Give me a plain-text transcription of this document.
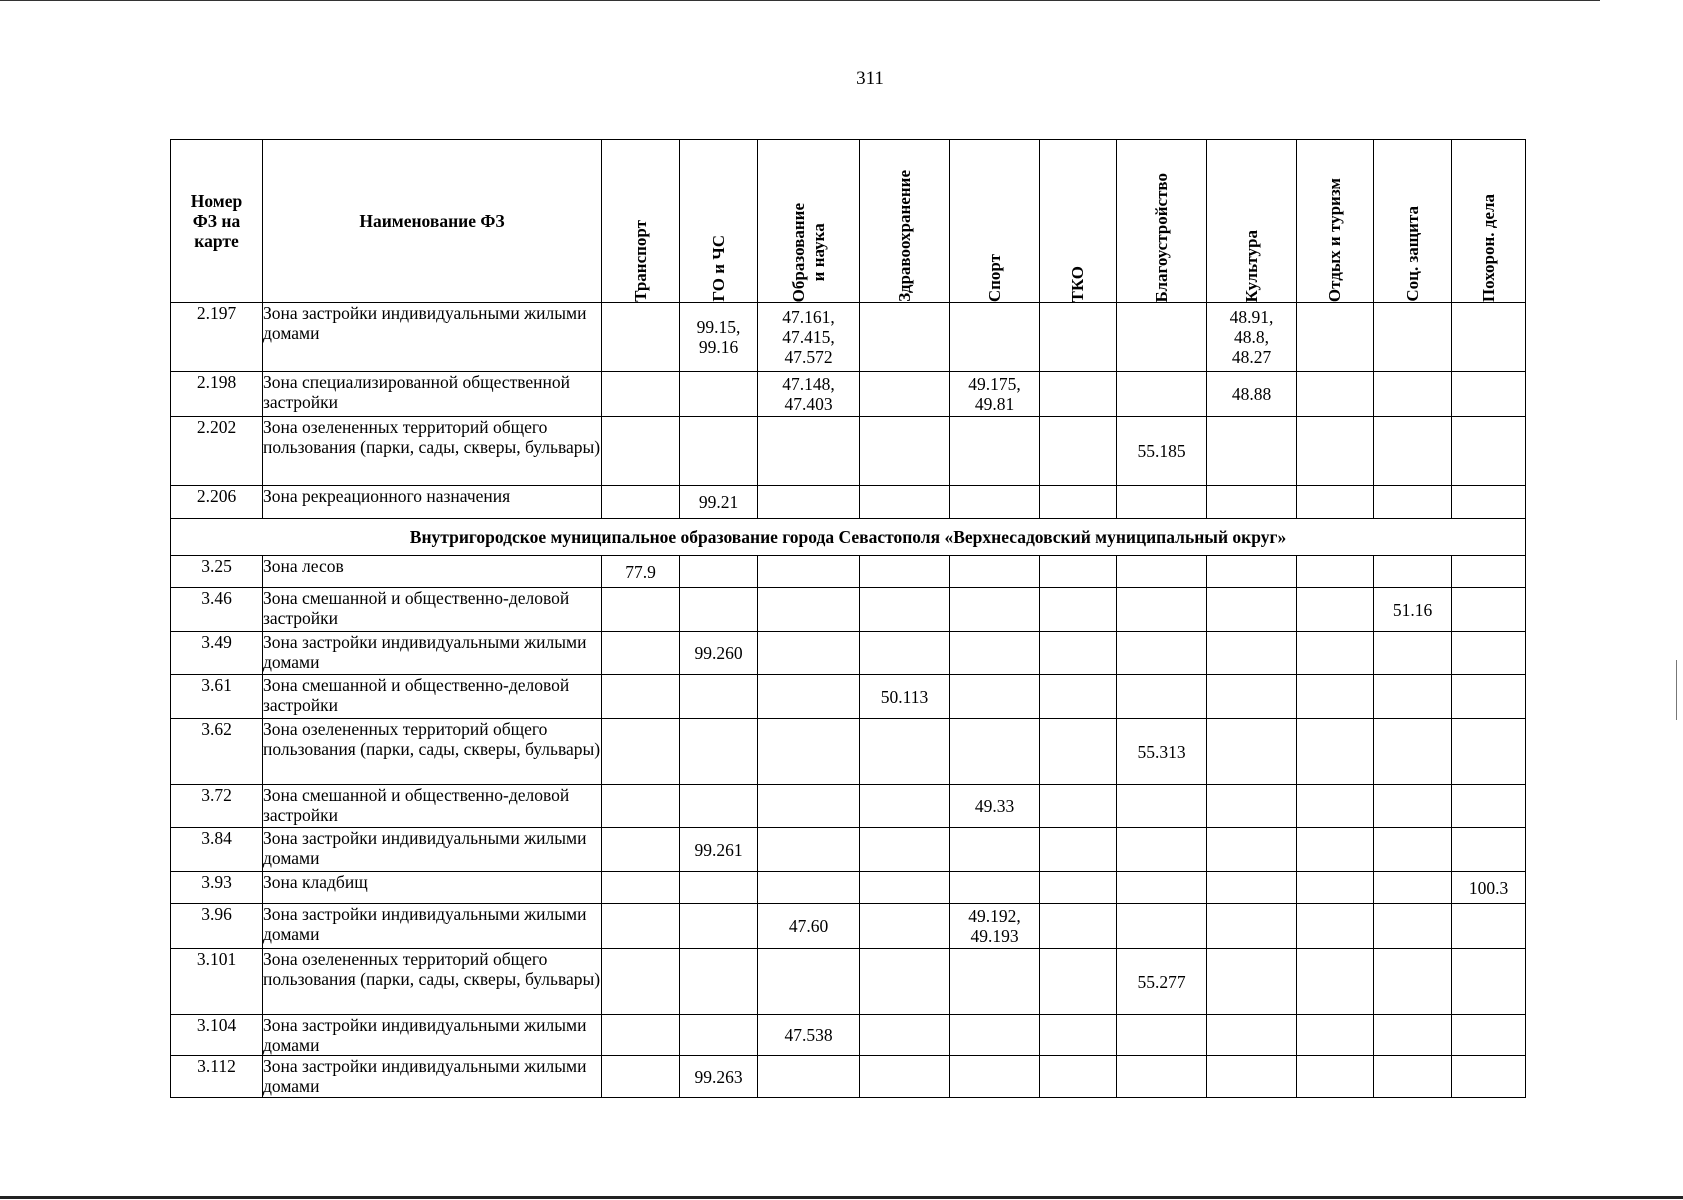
311
Номер
ФЗ на
карте	Наименование ФЗ	Транспорт	ГО и ЧС	Образование
и наука	Здравоохранение	Спорт	ТКО	Благоустройство	Культура	Отдых и туризм	Соц. защита	Похорон. дела

2.197	Зона застройки индивидуальными жилыми домами		99.15,
99.16	47.161,
47.415,
47.572					48.91,
48.8,
48.27			
2.198	Зона специализированной общественной застройки			47.148,
47.403		49.175,
49.81			48.88			
2.202	Зона озелененных территорий общего пользования (парки, сады, скверы, бульвары)							55.185				
2.206	Зона рекреационного назначения		99.21									
Внутригородское муниципальное образование города Севастополя «Верхнесадовский муниципальный округ»												
3.25	Зона лесов	77.9										
3.46	Зона смешанной и общественно-деловой застройки										51.16	
3.49	Зона застройки индивидуальными жилыми домами		99.260									
3.61	Зона смешанной и общественно-деловой застройки				50.113							
3.62	Зона озелененных территорий общего пользования (парки, сады, скверы, бульвары)							55.313				
3.72	Зона смешанной и общественно-деловой застройки					49.33						
3.84	Зона застройки индивидуальными жилыми домами		99.261									
3.93	Зона кладбищ											100.3
3.96	Зона застройки индивидуальными жилыми домами			47.60		49.192,
49.193						
3.101	Зона озелененных территорий общего пользования (парки, сады, скверы, бульвары)							55.277				
3.104	Зона застройки индивидуальными жилыми домами			47.538								
3.112	Зона застройки индивидуальными жилыми домами		99.263									
